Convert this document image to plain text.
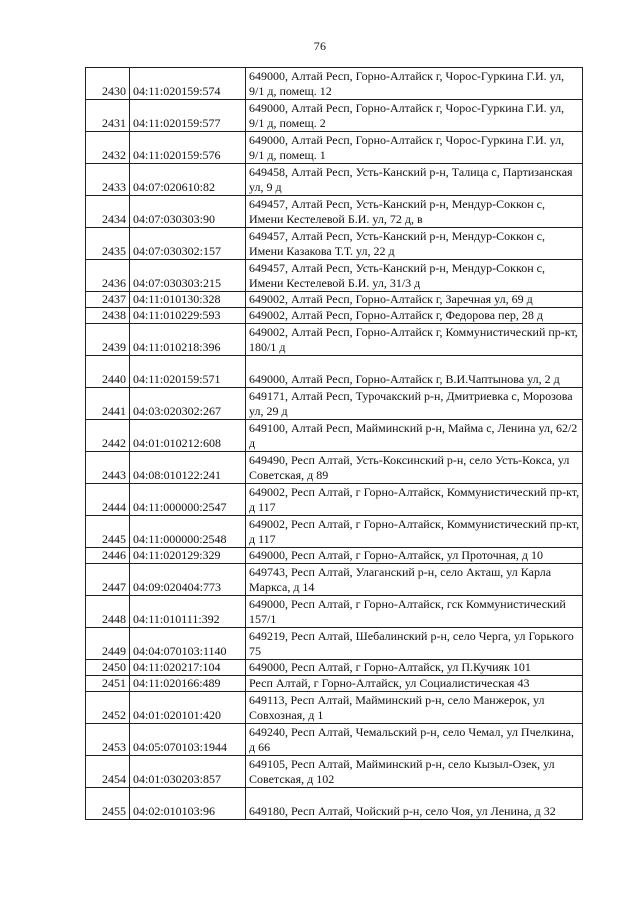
76
2430	04:11:020159:574	649000, Алтай Респ, Горно-Алтайск г, Чорос-Гуркина Г.И. ул, 9/1 д, помещ. 12
2431	04:11:020159:577	649000, Алтай Респ, Горно-Алтайск г, Чорос-Гуркина Г.И. ул, 9/1 д, помещ. 2
2432	04:11:020159:576	649000, Алтай Респ, Горно-Алтайск г, Чорос-Гуркина Г.И. ул, 9/1 д, помещ. 1
2433	04:07:020610:82	649458, Алтай Респ, Усть-Канский р-н, Талица с, Партизанская ул, 9 д
2434	04:07:030303:90	649457, Алтай Респ, Усть-Канский р-н, Мендур-Соккон с, Имени Кестелевой Б.И. ул, 72 д, в
2435	04:07:030302:157	649457, Алтай Респ, Усть-Канский р-н, Мендур-Соккон с, Имени Казакова Т.Т. ул, 22 д
2436	04:07:030303:215	649457, Алтай Респ, Усть-Канский р-н, Мендур-Соккон с, Имени Кестелевой Б.И. ул, 31/3 д
2437	04:11:010130:328	649002, Алтай Респ, Горно-Алтайск г, Заречная ул, 69 д
2438	04:11:010229:593	649002, Алтай Респ, Горно-Алтайск г, Федорова пер, 28 д
2439	04:11:010218:396	649002, Алтай Респ, Горно-Алтайск г, Коммунистический пр-кт, 180/1 д
2440	04:11:020159:571	649000, Алтай Респ, Горно-Алтайск г, В.И.Чаптынова ул, 2 д
2441	04:03:020302:267	649171, Алтай Респ, Турочакский р-н, Дмитриевка с, Морозова ул, 29 д
2442	04:01:010212:608	649100, Алтай Респ, Майминский р-н, Майма с, Ленина ул, 62/2 д
2443	04:08:010122:241	649490, Респ Алтай, Усть-Коксинский р-н, село Усть-Кокса, ул Советская, д 89
2444	04:11:000000:2547	649002, Респ Алтай, г Горно-Алтайск, Коммунистический пр-кт, д 117
2445	04:11:000000:2548	649002, Респ Алтай, г Горно-Алтайск, Коммунистический пр-кт, д 117
2446	04:11:020129:329	649000, Респ Алтай, г Горно-Алтайск, ул Проточная, д 10
2447	04:09:020404:773	649743, Респ Алтай, Улаганский р-н, село Акташ, ул Карла Маркса, д 14
2448	04:11:010111:392	649000, Респ Алтай, г Горно-Алтайск, гск Коммунистический 157/1
2449	04:04:070103:1140	649219, Респ Алтай, Шебалинский р-н, село Черга, ул Горького 75
2450	04:11:020217:104	649000, Респ Алтай, г Горно-Алтайск, ул П.Кучияк 101
2451	04:11:020166:489	Респ Алтай, г Горно-Алтайск, ул Социалистическая 43
2452	04:01:020101:420	649113, Респ Алтай, Майминский р-н, село Манжерок, ул Совхозная, д 1
2453	04:05:070103:1944	649240, Респ Алтай, Чемальский р-н, село Чемал, ул Пчелкина, д 66
2454	04:01:030203:857	649105, Респ Алтай, Майминский р-н, село Кызыл-Озек, ул Советская, д 102
2455	04:02:010103:96	649180, Респ Алтай, Чойский р-н, село Чоя, ул Ленина, д 32
